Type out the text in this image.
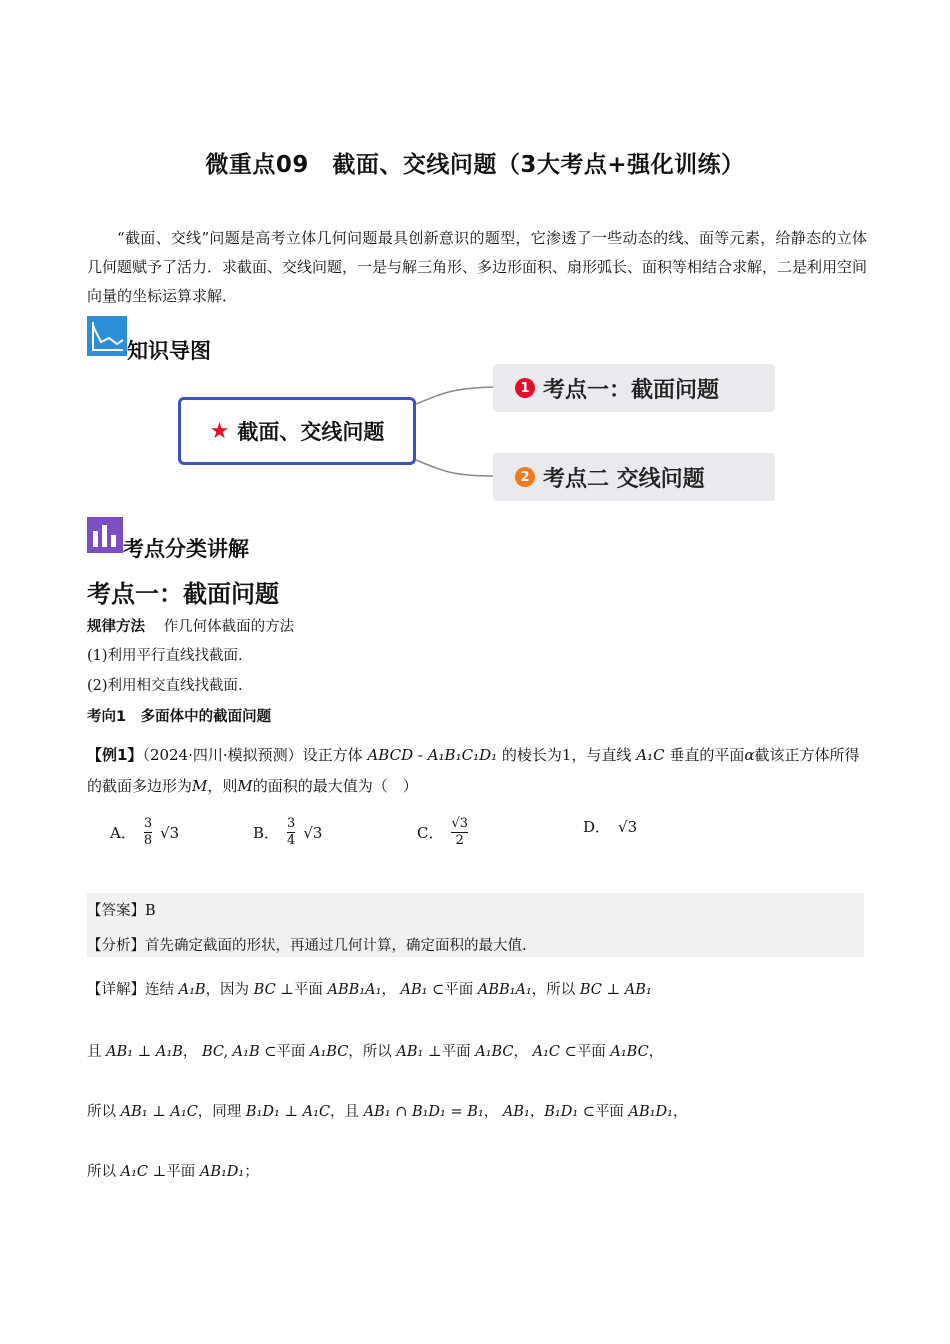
微重点09　截面、交线问题（3大考点+强化训练）
“截面、交线”问题是高考立体几何问题最具创新意识的题型，它渗透了一些动态的线、面等元素，给静态的立体几何题赋予了活力．求截面、交线问题，一是与解三角形、多边形面积、扇形弧长、面积等相结合求解，二是利用空间向量的坐标运算求解．
知识导图
★ 截面、交线问题
1 考点一：截面问题
2 考点二 交线问题
考点分类讲解
考点一：截面问题
规律方法 作几何体截面的方法
(1)利用平行直线找截面.
(2)利用相交直线找截面.
考向1　多面体中的截面问题
【例1】（2024·四川·模拟预测）设正方体 ABCD - A₁B₁C₁D₁ 的棱长为1，与直线 A₁C 垂直的平面α截该正方体所得的截面多边形为M，则M的面积的最大值为（　）
A． $\frac{3}{8} √3$	B． $\frac{3}{4} √3$	C． $\frac{√3}{2}$	D． √3
【答案】B
【分析】首先确定截面的形状，再通过几何计算，确定面积的最大值.
【详解】连结 A₁B，因为 BC ⊥平面 ABB₁A₁， AB₁ ⊂平面 ABB₁A₁，所以 BC ⊥ AB₁
且 AB₁ ⊥ A₁B， BC, A₁B ⊂平面 A₁BC，所以 AB₁ ⊥平面 A₁BC， A₁C ⊂平面 A₁BC，
所以 AB₁ ⊥ A₁C，同理 B₁D₁ ⊥ A₁C，且 AB₁ ∩ B₁D₁ = B₁， AB₁，B₁D₁ ⊂平面 AB₁D₁，
所以 A₁C ⊥平面 AB₁D₁；
